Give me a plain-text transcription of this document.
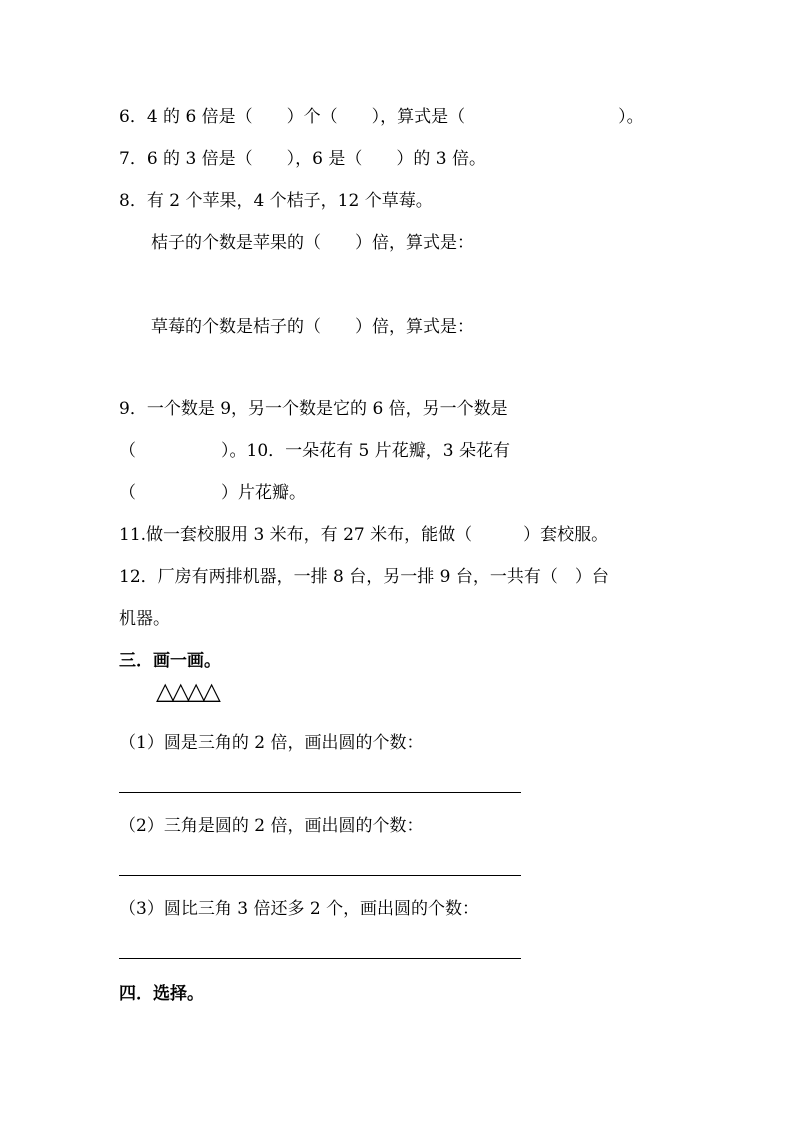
6．4 的 6 倍是（　　）个（　　），算式是（　　　　　　　　　）。
7．6 的 3 倍是（　　），6 是（　　）的 3 倍。
8．有 2 个苹果，4 个桔子，12 个草莓。
桔子的个数是苹果的（　　）倍，算式是：
草莓的个数是桔子的（　　）倍，算式是：
9．一个数是 9，另一个数是它的 6 倍，另一个数是
（　　　　　）。10．一朵花有 5 片花瓣，3 朵花有
（　　　　　）片花瓣。
11.做一套校服用 3 米布，有 27 米布，能做（　　　）套校服。
12．厂房有两排机器，一排 8 台，另一排 9 台，一共有（　）台
机器。
三．画一画。
△△△△
（1）圆是三角的 2 倍，画出圆的个数：
（2）三角是圆的 2 倍，画出圆的个数：
（3）圆比三角 3 倍还多 2 个，画出圆的个数：
四．选择。
